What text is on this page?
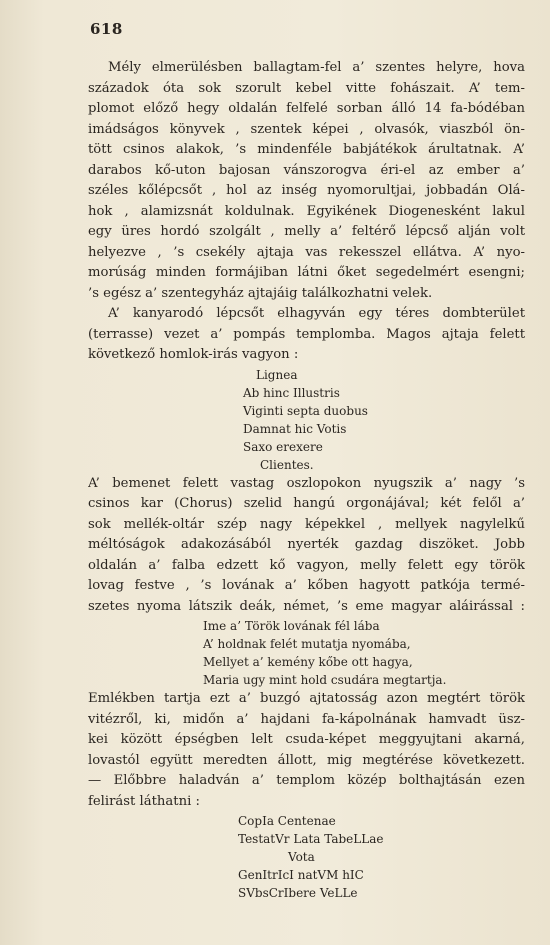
618
Mély elmerülésben ballagtam-fel a’ szentes helyre, hova
századok óta sok szorult kebel vitte fohászait. A’ tem-
plomot előző hegy oldalán felfelé sorban álló 14 fa-bódéban
imádságos könyvek , szentek képei , olvasók, viaszból ön-
tött csinos alakok, ’s mindenféle babjátékok árultatnak. A’
darabos kő-uton bajosan vánszorogva éri-el az ember a’
széles kőlépcsőt , hol az inség nyomorultjai, jobbadán Olá-
hok , alamizsnát koldulnak. Egyikének Diogenesként lakul
egy üres hordó szolgált , melly a’ feltérő lépcső alján volt
helyezve , ’s csekély ajtaja vas rekesszel ellátva. A’ nyo-
morúság minden formájiban látni őket segedelmért esengni;
’s egész a’ szentegyház ajtajáig találkozhatni velek.
A’ kanyarodó lépcsőt elhagyván egy téres dombterület
(terrasse) vezet a’ pompás templomba. Magos ajtaja felett
következő homlok-irás vagyon :
Lignea
Ab hinc Illustris
Viginti septa duobus
Damnat hic Votis
Saxo erexere
Clientes.
A’ bemenet felett vastag oszlopokon nyugszik a’ nagy ’s
csinos kar (Chorus) szelid hangú orgonájával; két felől a’
sok mellék-oltár szép nagy képekkel , mellyek nagylelkű
méltóságok adakozásából nyerték gazdag diszöket. Jobb
oldalán a’ falba edzett kő vagyon, melly felett egy török
lovag festve , ’s lovának a’ kőben hagyott patkója termé-
szetes nyoma látszik deák, német, ’s eme magyar aláirással :
Ime a’ Török lovának fél lába
A’ holdnak felét mutatja nyomába,
Mellyet a’ kemény kőbe ott hagya,
Maria ugy mint hold csudára megtartja.
Emlékben tartja ezt a’ buzgó ajtatosság azon megtért török
vitézről, ki, midőn a’ hajdani fa-kápolnának hamvadt üsz-
kei között épségben lelt csuda-képet meggyujtani akarná,
lovastól együtt meredten állott, mig megtérése következett.
— Előbbre haladván a’ templom közép bolthajtásán ezen
felirást láthatni :
CopIa Centenae
TestatVr Lata TabeLLae
Vota
GenItrIcI natVM hIC
SVbsCrIbere VeLLe
